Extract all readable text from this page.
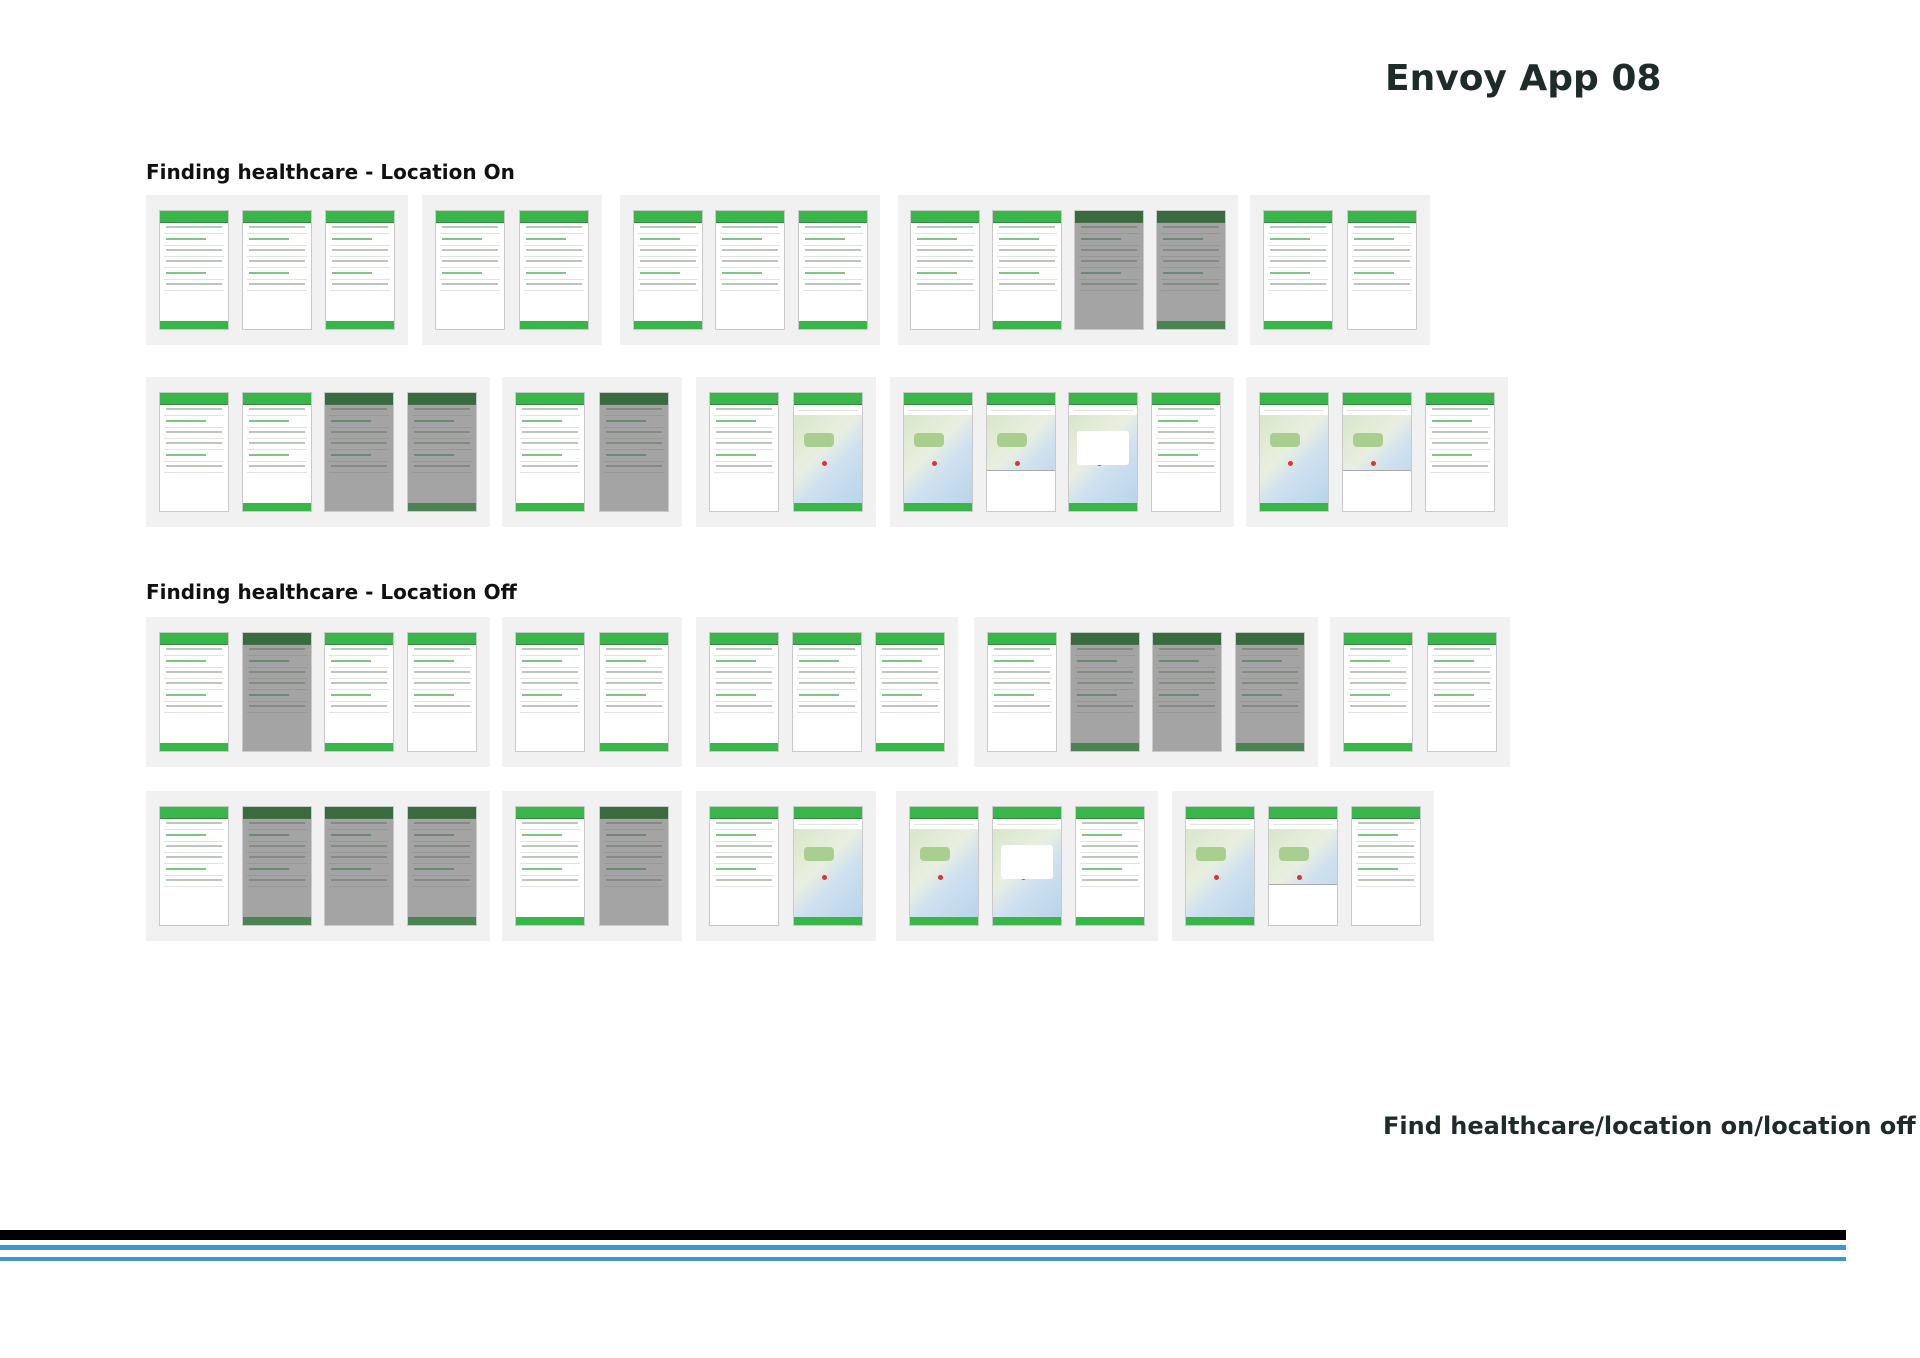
Envoy App 08
Finding healthcare - Location On
Finding healthcare - Location Off
Find healthcare/location on/location off
